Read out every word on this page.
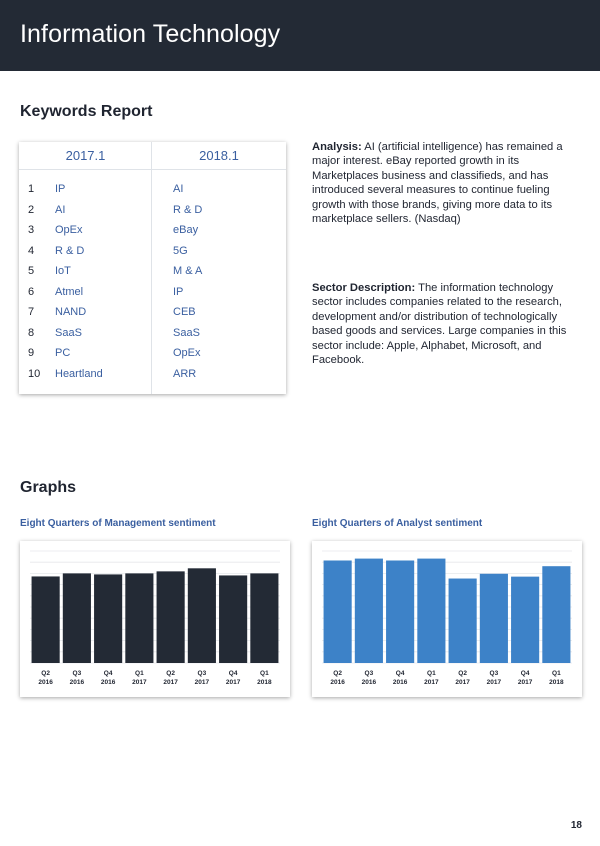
Information Technology
Keywords Report
2017.1	2018.1
1 IP	AI
2 AI	R & D
3 OpEx	eBay
4 R & D	5G
5 IoT	M & A
6 Atmel	IP
7 NAND	CEB
8 SaaS	SaaS
9 PC	OpEx
10 Heartland	ARR
Analysis: AI (artificial intelligence) has remained a major interest. eBay reported growth in its Marketplaces business and classifieds, and has introduced several measures to continue fueling growth with those brands, giving more data to its marketplace sellers. (Nasdaq)
Sector Description: The information technology sector includes companies related to the research, development and/or distribution of technologically based goods and services. Large companies in this sector include: Apple, Alphabet, Microsoft, and Facebook.
Graphs
Eight Quarters of Management sentiment	Eight Quarters of Analyst sentiment
Q2
2016
Q3
2016
Q4
2016
Q1
2017
Q2
2017
Q3
2017
Q4
2017
Q1
2018
Q2
2016
Q3
2016
Q4
2016
Q1
2017
Q2
2017
Q3
2017
Q4
2017
Q1
2018
18
